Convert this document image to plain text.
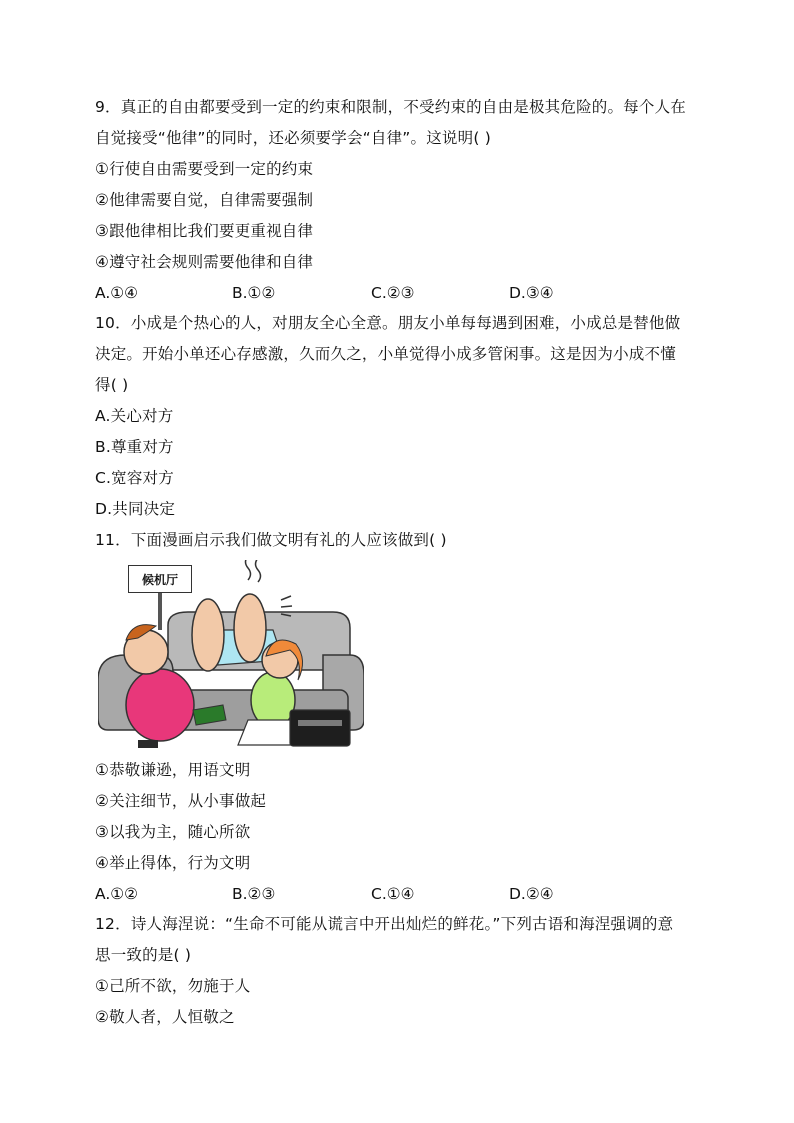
9．真正的自由都要受到一定的约束和限制，不受约束的自由是极其危险的。每个人在
自觉接受“他律”的同时，还必须要学会“自律”。这说明( )
①行使自由需要受到一定的约束
②他律需要自觉，自律需要强制
③跟他律相比我们要更重视自律
④遵守社会规则需要他律和自律
A.①④	B.①②	C.②③	D.③④
10．小成是个热心的人，对朋友全心全意。朋友小单每每遇到困难，小成总是替他做
决定。开始小单还心存感激，久而久之，小单觉得小成多管闲事。这是因为小成不懂
得( )
A.关心对方
B.尊重对方
C.宽容对方
D.共同决定
11．下面漫画启示我们做文明有礼的人应该做到( )
候机厅
①恭敬谦逊，用语文明
②关注细节，从小事做起
③以我为主，随心所欲
④举止得体，行为文明
A.①②	B.②③	C.①④	D.②④
12．诗人海涅说：“生命不可能从谎言中开出灿烂的鲜花。”下列古语和海涅强调的意
思一致的是( )
①己所不欲，勿施于人
②敬人者，人恒敬之
